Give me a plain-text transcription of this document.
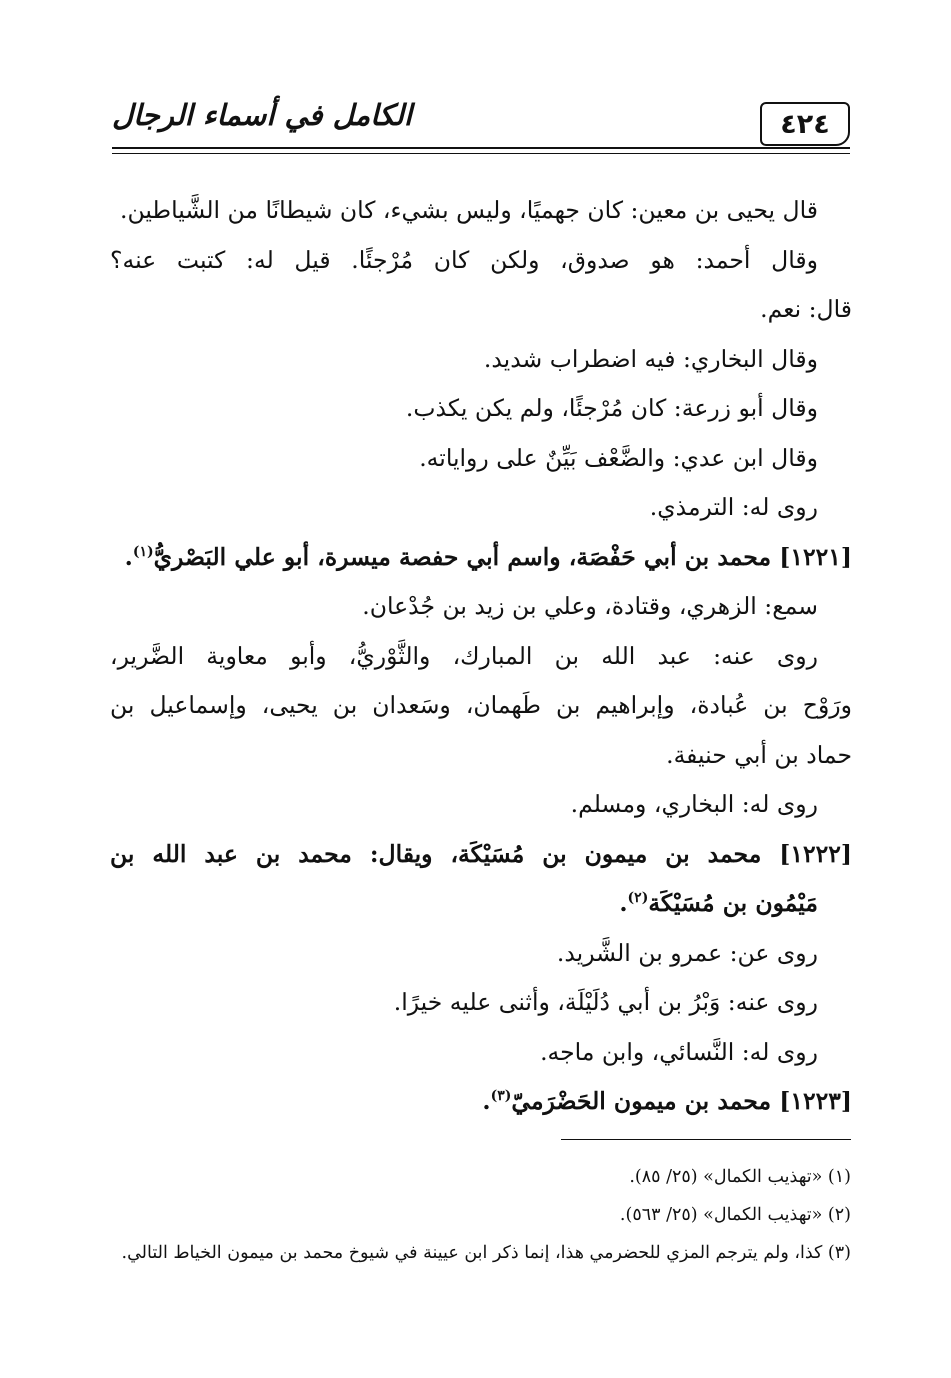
٤٢٤
الكامل في أسماء الرجال

قال يحيى بن معين: كان جهميًا، وليس بشيء، كان شيطانًا من الشَّياطين.

وقال أحمد: هو صدوق، ولكن كان مُرْجئًا. قيل له: كتبت عنه؟

قال: نعم.

وقال البخاري: فيه اضطراب شديد.

وقال أبو زرعة: كان مُرْجئًا، ولم يكن يكذب.

وقال ابن عدي: والضَّعْف بَيِّنٌ على رواياته.

روى له: الترمذي.

[١٢٢١] محمد بن أبي حَفْصَة، واسم أبي حفصة ميسرة، أبو علي البَصْريُّ$^{(١)}$.

سمع: الزهري، وقتادة، وعلي بن زيد بن جُدْعان.

روى عنه: عبد الله بن المبارك، والثَّوْريُّ، وأبو معاوية الضَّرير،

ورَوْح بن عُبادة، وإبراهيم بن طَهمان، وسَعدان بن يحيى، وإسماعيل بن

حماد بن أبي حنيفة.

روى له: البخاري، ومسلم.

[١٢٢٢] محمد بن ميمون بن مُسَيْكَة، ويقال: محمد بن عبد الله بن

مَيْمُون بن مُسَيْكَة$^{(٢)}$.

روى عن: عمرو بن الشَّريد.

روى عنه: وَبْرُ بن أبي دُلَيْلَة، وأثنى عليه خيرًا.

روى له: النَّسائي، وابن ماجه.

[١٢٢٣] محمد بن ميمون الحَضْرَميّ$^{(٣)}$.

(١) «تهذيب الكمال» (٢٥/ ٨٥).

(٢) «تهذيب الكمال» (٢٥/ ٥٦٣).

(٣) كذا، ولم يترجم المزي للحضرمي هذا، إنما ذكر ابن عيينة في شيوخ محمد بن ميمون الخياط التالي.
